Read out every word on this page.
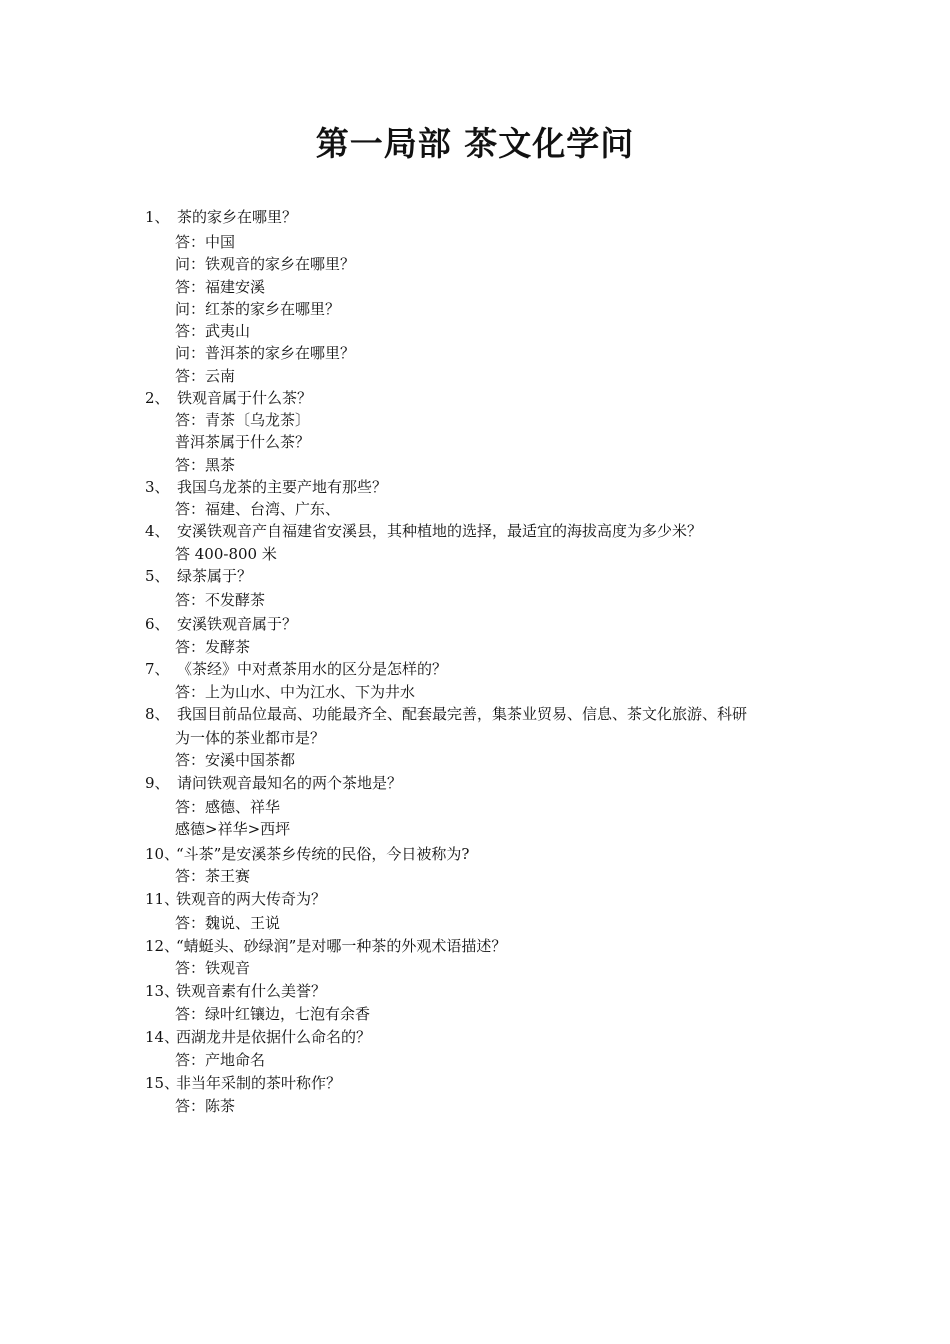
第一局部 茶文化学问
1、 茶的家乡在哪里？
答：中国
问：铁观音的家乡在哪里？
答：福建安溪
问：红茶的家乡在哪里？
答：武夷山
问：普洱茶的家乡在哪里？
答：云南
2、 铁观音属于什么茶？
答：青茶〔乌龙茶〕
普洱茶属于什么茶？
答：黑茶
3、 我国乌龙茶的主要产地有那些？
答：福建、台湾、广东、
4、 安溪铁观音产自福建省安溪县，其种植地的选择，最适宜的海拔高度为多少米？
答 400-800 米
5、 绿茶属于？
答：不发酵茶
6、 安溪铁观音属于？
答：发酵茶
7、 《茶经》中对煮茶用水的区分是怎样的？
答：上为山水、中为江水、下为井水
8、 我国目前品位最高、功能最齐全、配套最完善，集茶业贸易、信息、茶文化旅游、科研
为一体的茶业都市是？
答：安溪中国茶都
9、 请问铁观音最知名的两个茶地是？
答：感德、祥华
感德>祥华>西坪
10、“斗茶”是安溪茶乡传统的民俗，今日被称为?
答：茶王赛
11、铁观音的两大传奇为？
答：魏说、王说
12、“蜻蜓头、砂绿润”是对哪一种茶的外观术语描述？
答：铁观音
13、铁观音素有什么美誉？
答：绿叶红镶边，七泡有余香
14、西湖龙井是依据什么命名的？
答：产地命名
15、非当年采制的茶叶称作？
答：陈茶
